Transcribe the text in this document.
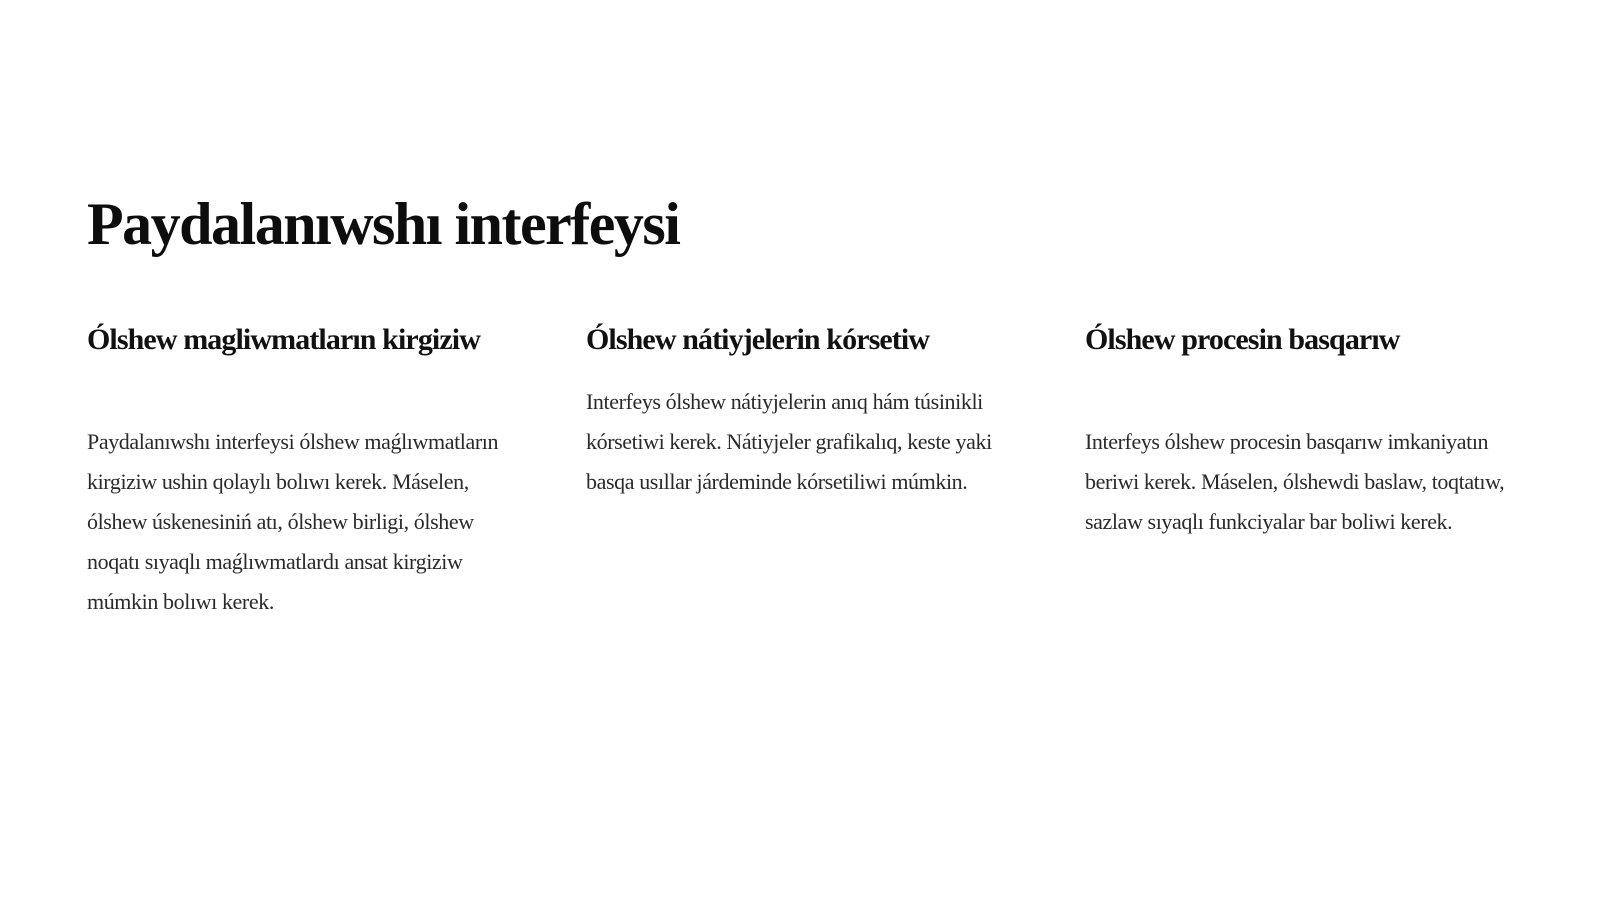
Paydalanıwshı interfeysi
Ólshew magliwmatların kirgiziw

Paydalanıwshı interfeysi ólshew maǵlıwmatların kirgiziw ushin qolaylı bolıwı kerek. Máselen, ólshew úskenesiniń atı, ólshew birligi, ólshew noqatı sıyaqlı maǵlıwmatlardı ansat kirgiziw múmkin bolıwı kerek.

Ólshew nátiyjelerin kórsetiw

Interfeys ólshew nátiyjelerin anıq hám túsinikli kórsetiwi kerek. Nátiyjeler grafikalıq, keste yaki basqa usıllar járdeminde kórsetiliwi múmkin.

Ólshew procesin basqarıw

Interfeys ólshew procesin basqarıw imkaniyatın beriwi kerek. Máselen, ólshewdi baslaw, toqtatıw, sazlaw sıyaqlı funkciyalar bar boliwi kerek.
